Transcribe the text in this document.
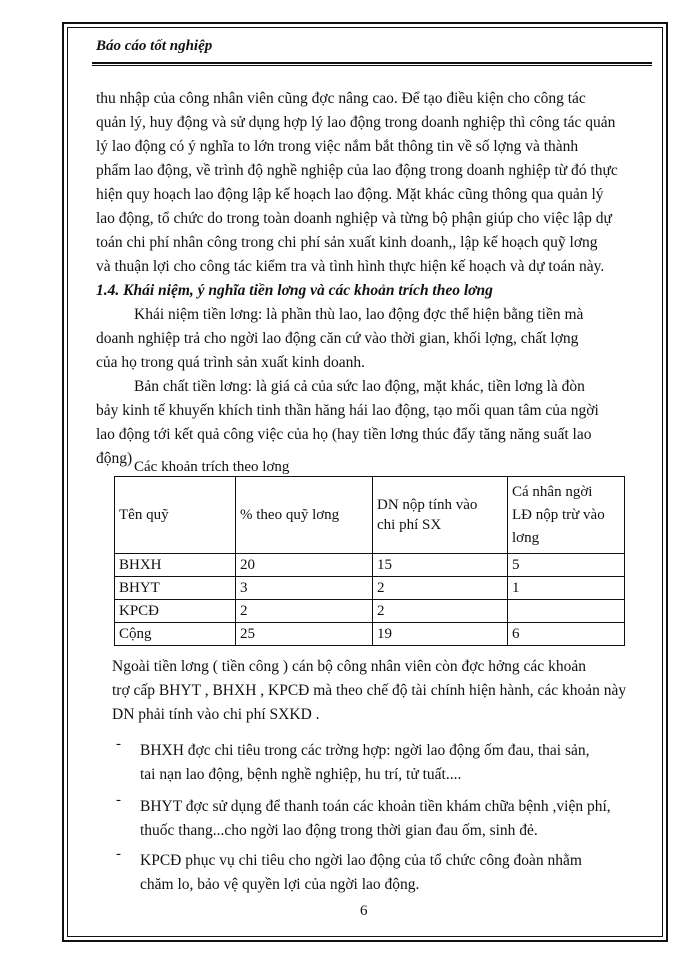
Báo cáo tốt nghiệp
thu nhập của công nhân viên cũng đợc nâng cao. Để tạo điều kiện cho công tác
quản lý, huy động và sử dụng hợp lý lao động trong doanh nghiệp thì công tác quản
lý lao động có ý nghĩa to lớn trong việc nắm bắt thông tin về số lợng và thành
phẩm lao động, về trình độ nghề nghiệp của lao động trong doanh nghiệp từ đó thực
hiện quy hoạch lao động lập kế hoạch lao động. Mặt khác cũng thông qua quản lý
lao động, tổ chức do trong toàn doanh nghiệp và từng bộ phận giúp cho việc lập dự
toán chi phí nhân công trong chi phí sản xuất kinh doanh,, lập kế hoạch quỹ lơng
và thuận lợi cho công tác kiểm tra và tình hình thực hiện kế hoạch và dự toán này.
1.4. Khái niệm, ý nghĩa tiền lơng và các khoản trích theo lơng
Khái niệm tiền lơng: là phần thù lao, lao động đợc thể hiện bằng tiền mà
doanh nghiệp trả cho ngời lao động căn cứ vào thời gian, khối lợng, chất lợng
của họ trong quá trình sản xuất kinh doanh.
Bản chất tiền lơng: là giá cả của sức lao động, mặt khác, tiền lơng là đòn
bảy kinh tế khuyến khích tinh thần hăng hái lao động, tạo mối quan tâm của ngời
lao động tới kết quả công việc của họ (hay tiền lơng thúc đẩy tăng năng suất lao
động) Các khoản trích theo lơng
Tên quỹ	% theo quỹ lơng	DN nộp tính vào
chi phí SX	Cá nhân ngời
LĐ nộp trừ vào
lơng
BHXH	20	15	5
BHYT	3	2	1
KPCĐ	2	2	
Cộng	25	19	6
Ngoài tiền lơng ( tiền công ) cán bộ công nhân viên còn đợc hởng các khoản
trợ cấp BHYT , BHXH , KPCĐ mà theo chế độ tài chính hiện hành, các khoản này
DN phải tính vào chi phí SXKD .
- BHXH đợc chi tiêu trong các trờng hợp: ngời lao động ốm đau, thai sản,
tai nạn lao động, bệnh nghề nghiệp, hu trí, tử tuất....
- BHYT đợc sử dụng để thanh toán các khoản tiền khám chữa bệnh ,viện phí,
thuốc thang...cho ngời lao động trong thời gian đau ốm, sinh đẻ.
- KPCĐ phục vụ chi tiêu cho ngời lao động của tổ chức công đoàn nhằm
chăm lo, bảo vệ quyền lợi của ngời lao động.
6
